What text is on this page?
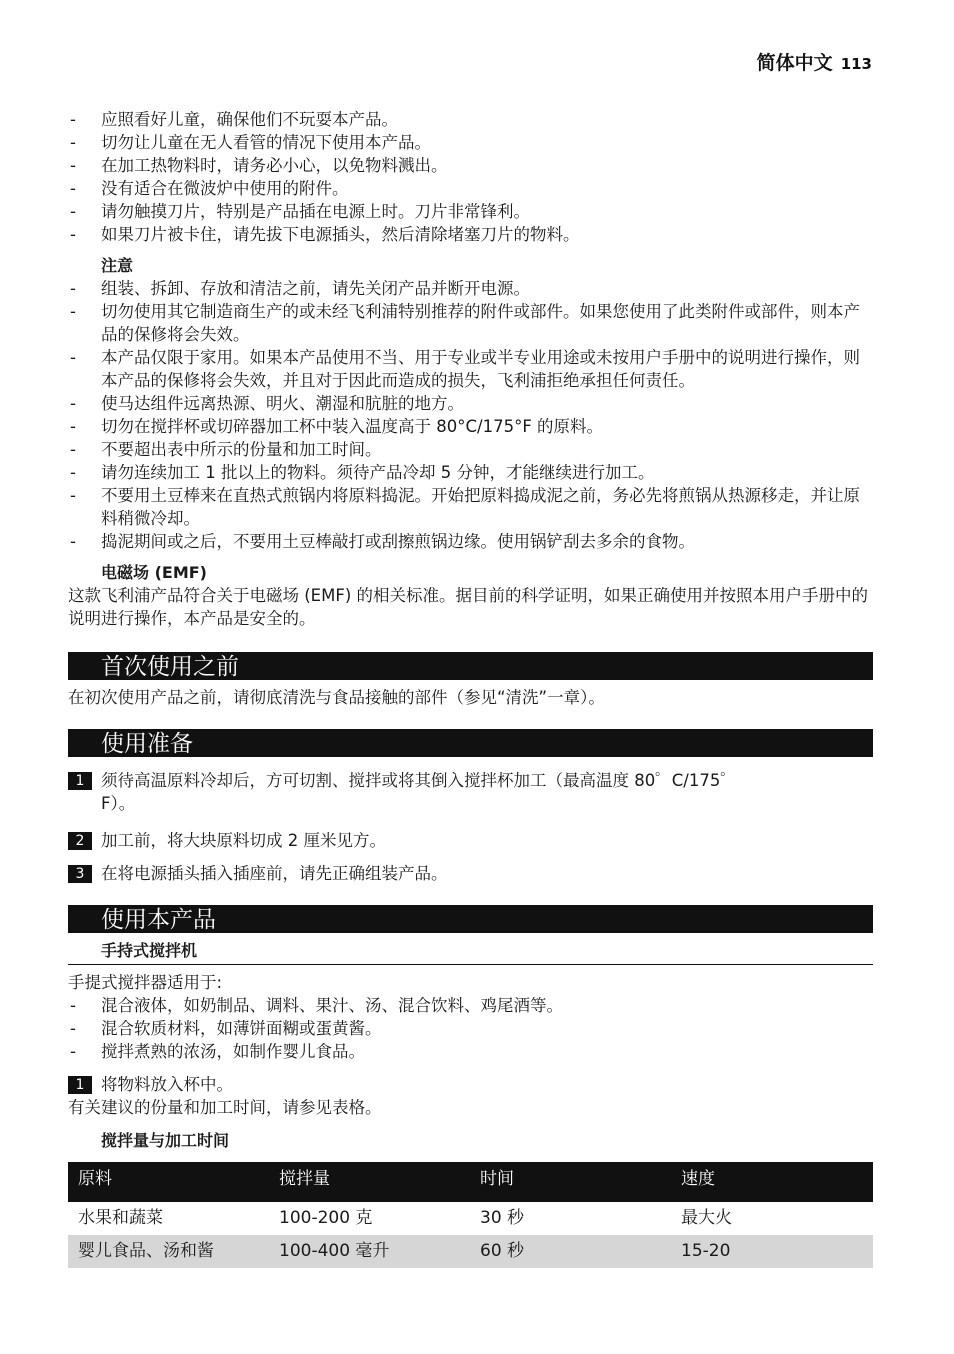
简体中文 113
- 应照看好儿童，确保他们不玩耍本产品。
- 切勿让儿童在无人看管的情况下使用本产品。
- 在加工热物料时，请务必小心，以免物料溅出。
- 没有适合在微波炉中使用的附件。
- 请勿触摸刀片，特别是产品插在电源上时。刀片非常锋利。
- 如果刀片被卡住，请先拔下电源插头，然后清除堵塞刀片的物料。
注意
- 组装、拆卸、存放和清洁之前，请先关闭产品并断开电源。
- 切勿使用其它制造商生产的或未经飞利浦特别推荐的附件或部件。如果您使用了此类附件或部件，则本产品的保修将会失效。
- 本产品仅限于家用。如果本产品使用不当、用于专业或半专业用途或未按用户手册中的说明进行操作，则本产品的保修将会失效，并且对于因此而造成的损失，飞利浦拒绝承担任何责任。
- 使马达组件远离热源、明火、潮湿和肮脏的地方。
- 切勿在搅拌杯或切碎器加工杯中装入温度高于 80°C/175°F 的原料。
- 不要超出表中所示的份量和加工时间。
- 请勿连续加工 1 批以上的物料。须待产品冷却 5 分钟，才能继续进行加工。
- 不要用土豆棒来在直热式煎锅内将原料捣泥。开始把原料捣成泥之前，务必先将煎锅从热源移走，并让原料稍微冷却。
- 捣泥期间或之后，不要用土豆棒敲打或刮擦煎锅边缘。使用锅铲刮去多余的食物。
电磁场 (EMF)
这款飞利浦产品符合关于电磁场 (EMF) 的相关标准。据目前的科学证明，如果正确使用并按照本用户手册中的说明进行操作，本产品是安全的。
首次使用之前
在初次使用产品之前，请彻底清洗与食品接触的部件（参见“清洗”一章）。
使用准备
1	须待高温原料冷却后，方可切割、搅拌或将其倒入搅拌杯加工（最高温度 80゜C/175゜F）。
2	加工前，将大块原料切成 2 厘米见方。
3	在将电源插头插入插座前，请先正确组装产品。
使用本产品
手持式搅拌机
手提式搅拌器适用于:
- 混合液体，如奶制品、调料、果汁、汤、混合饮料、鸡尾酒等。
- 混合软质材料，如薄饼面糊或蛋黄酱。
- 搅拌煮熟的浓汤，如制作婴儿食品。
1	将物料放入杯中。
有关建议的份量和加工时间，请参见表格。
搅拌量与加工时间
原料	搅拌量	时间	速度
水果和蔬菜	100-200 克	30 秒	最大火
婴儿食品、汤和酱	100-400 毫升	60 秒	15-20
